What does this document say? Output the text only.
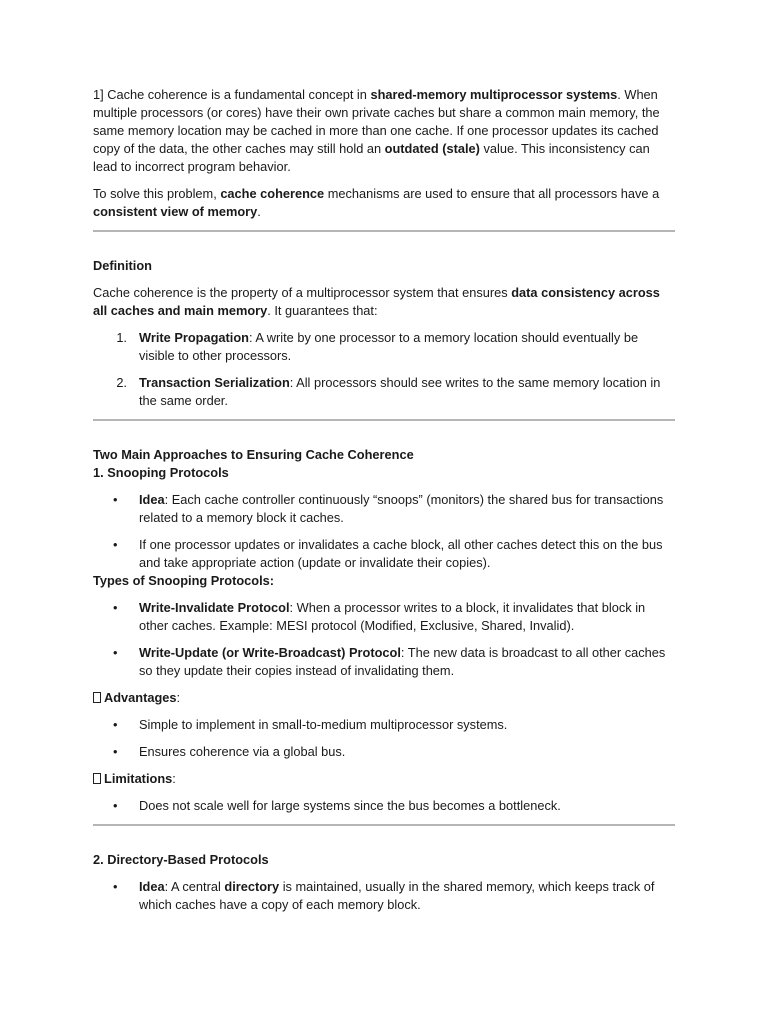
1] Cache coherence is a fundamental concept in shared-memory multiprocessor systems. When multiple processors (or cores) have their own private caches but share a common main memory, the same memory location may be cached in more than one cache. If one processor updates its cached copy of the data, the other caches may still hold an outdated (stale) value. This inconsistency can lead to incorrect program behavior.

To solve this problem, cache coherence mechanisms are used to ensure that all processors have a consistent view of memory.

Definition

Cache coherence is the property of a multiprocessor system that ensures data consistency across all caches and main memory. It guarantees that:

1. Write Propagation: A write by one processor to a memory location should eventually be visible to other processors.
2. Transaction Serialization: All processors should see writes to the same memory location in the same order.

Two Main Approaches to Ensuring Cache Coherence

1. Snooping Protocols

•	Idea: Each cache controller continuously “snoops” (monitors) the shared bus for transactions related to a memory block it caches.
•	If one processor updates or invalidates a cache block, all other caches detect this on the bus and take appropriate action (update or invalidate their copies).

Types of Snooping Protocols:

•	Write-Invalidate Protocol: When a processor writes to a block, it invalidates that block in other caches. Example: MESI protocol (Modified, Exclusive, Shared, Invalid).
•	Write-Update (or Write-Broadcast) Protocol: The new data is broadcast to all other caches so they update their copies instead of invalidating them.

Advantages:

•	Simple to implement in small-to-medium multiprocessor systems.
•	Ensures coherence via a global bus.

Limitations:

•	Does not scale well for large systems since the bus becomes a bottleneck.

2. Directory-Based Protocols

•	Idea: A central directory is maintained, usually in the shared memory, which keeps track of which caches have a copy of each memory block.
